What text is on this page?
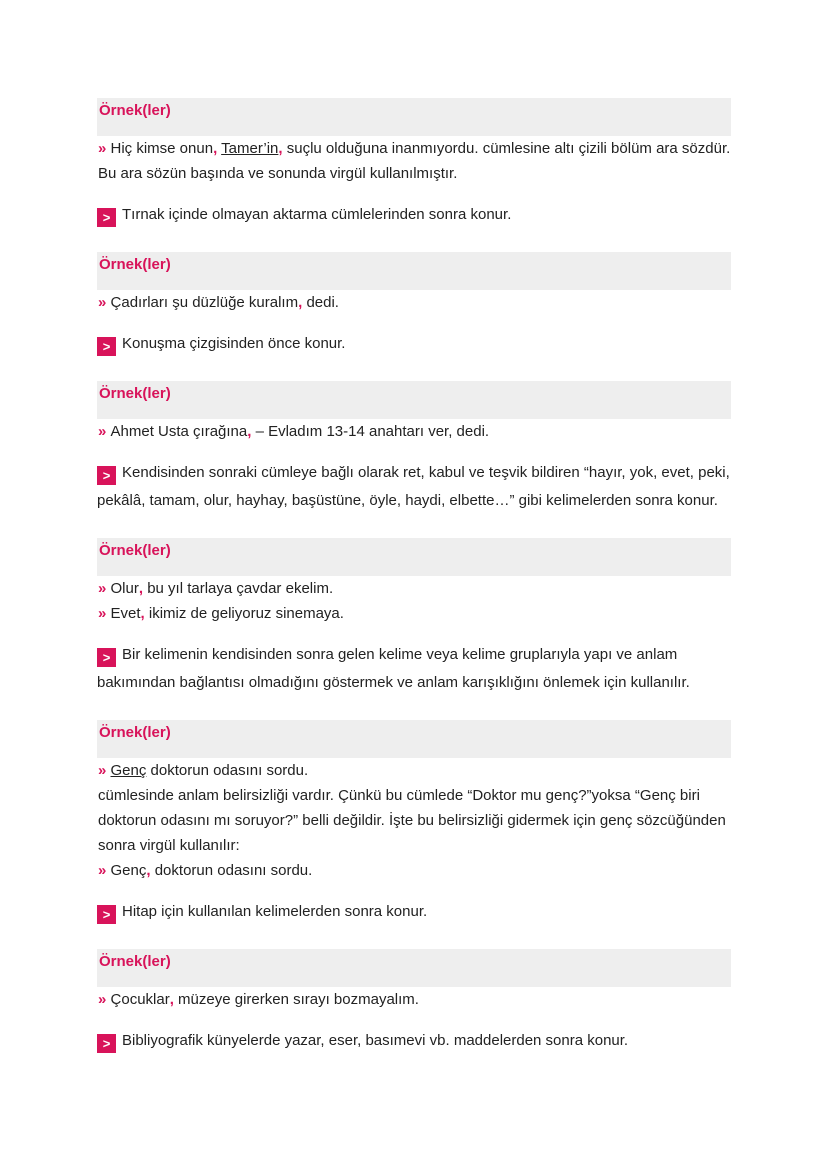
Örnek(ler)
» Hiç kimse onun, Tamer’in, suçlu olduğuna inanmıyordu. cümlesine altı çizili bölüm ara sözdür. Bu ara sözün başında ve sonunda virgül kullanılmıştır.
> Tırnak içinde olmayan aktarma cümlelerinden sonra konur.
Örnek(ler)
» Çadırları şu düzlüğe kuralım, dedi.
> Konuşma çizgisinden önce konur.
Örnek(ler)
» Ahmet Usta çırağına, – Evladım 13-14 anahtarı ver, dedi.
> Kendisinden sonraki cümleye bağlı olarak ret, kabul ve teşvik bildiren “hayır, yok, evet, peki, pekâlâ, tamam, olur, hayhay, başüstüne, öyle, haydi, elbette…” gibi kelimelerden sonra konur.
Örnek(ler)
» Olur, bu yıl tarlaya çavdar ekelim.
» Evet, ikimiz de geliyoruz sinemaya.
> Bir kelimenin kendisinden sonra gelen kelime veya kelime gruplarıyla yapı ve anlam bakımından bağlantısı olmadığını göstermek ve anlam karışıklığını önlemek için kullanılır.
Örnek(ler)
» Genç doktorun odasını sordu.
cümlesinde anlam belirsizliği vardır. Çünkü bu cümlede “Doktor mu genç?”yoksa “Genç biri doktorun odasını mı soruyor?” belli değildir. İşte bu belirsizliği gidermek için genç sözcüğünden sonra virgül kullanılır:
» Genç, doktorun odasını sordu.
> Hitap için kullanılan kelimelerden sonra konur.
Örnek(ler)
» Çocuklar, müzeye girerken sırayı bozmayalım.
> Bibliyografik künyelerde yazar, eser, basımevi vb. maddelerden sonra konur.
